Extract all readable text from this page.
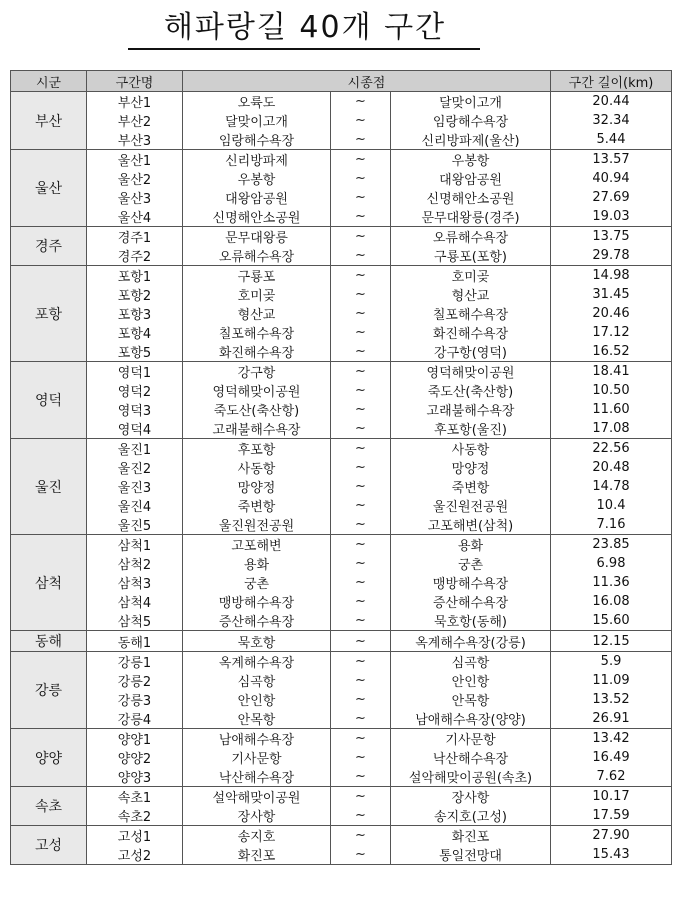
해파랑길 40개 구간
시군	구간명	시종점			구간 길이(km)
부산	부산1	오륙도	~	달맞이고개	20.44
	부산2	달맞이고개	~	임랑해수욕장	32.34
	부산3	임랑해수욕장	~	신리방파제(울산)	5.44
울산	울산1	신리방파제	~	우봉항	13.57
	울산2	우봉항	~	대왕암공원	40.94
	울산3	대왕암공원	~	신명해안소공원	27.69
	울산4	신명해안소공원	~	문무대왕릉(경주)	19.03
경주	경주1	문무대왕릉	~	오류해수욕장	13.75
	경주2	오류해수욕장	~	구룡포(포항)	29.78
포항	포항1	구룡포	~	호미곶	14.98
	포항2	호미곶	~	형산교	31.45
	포항3	형산교	~	칠포해수욕장	20.46
	포항4	칠포해수욕장	~	화진해수욕장	17.12
	포항5	화진해수욕장	~	강구항(영덕)	16.52
영덕	영덕1	강구항	~	영덕해맞이공원	18.41
	영덕2	영덕해맞이공원	~	죽도산(축산항)	10.50
	영덕3	죽도산(축산항)	~	고래불해수욕장	11.60
	영덕4	고래불해수욕장	~	후포항(울진)	17.08
울진	울진1	후포항	~	사동항	22.56
	울진2	사동항	~	망양정	20.48
	울진3	망양정	~	죽변항	14.78
	울진4	죽변항	~	울진원전공원	10.4
	울진5	울진원전공원	~	고포해변(삼척)	7.16
삼척	삼척1	고포해변	~	용화	23.85
	삼척2	용화	~	궁촌	6.98
	삼척3	궁촌	~	맹방해수욕장	11.36
	삼척4	맹방해수욕장	~	증산해수욕장	16.08
	삼척5	증산해수욕장	~	묵호항(동해)	15.60
동해	동해1	묵호항	~	옥계해수욕장(강릉)	12.15
강릉	강릉1	옥계해수욕장	~	심곡항	5.9
	강릉2	심곡항	~	안인항	11.09
	강릉3	안인항	~	안목항	13.52
	강릉4	안목항	~	남애해수욕장(양양)	26.91
양양	양양1	남애해수욕장	~	기사문항	13.42
	양양2	기사문항	~	낙산해수욕장	16.49
	양양3	낙산해수욕장	~	설악해맞이공원(속초)	7.62
속초	속초1	설악해맞이공원	~	장사항	10.17
	속초2	장사항	~	송지호(고성)	17.59
고성	고성1	송지호	~	화진포	27.90
	고성2	화진포	~	통일전망대	15.43
